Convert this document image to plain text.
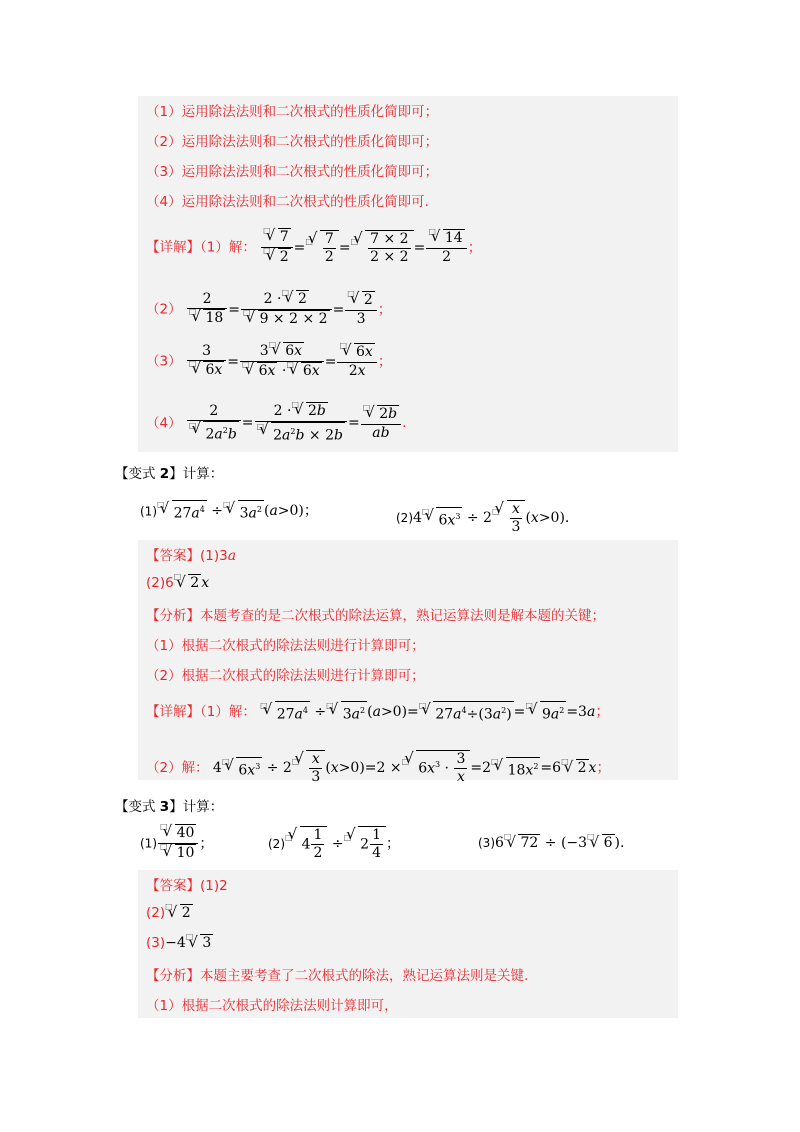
（1）运用除法法则和二次根式的性质化简即可；
（2）运用除法法则和二次根式的性质化简即可；
（3）运用除法法则和二次根式的性质化简即可；
（4）运用除法法则和二次根式的性质化简即可.
【详解】（1）解： $\frac{^□√ 7}{^□√ 2} =^□$
√ $\frac{7}{2} =^□$
√ $\frac{7 \times 2}{2 \times 2} = \frac{^□√ 14}{2}$ ；
$(2) \frac{2}{^□√ 18} = \frac{2 \cdot^□√ 2}{^□√ 9 \times 2 \times 2} = \frac{^□√ 2}{3}$ ；
$(3) \frac{3}{^□√ 6x} = \frac{3^□√ 6x}{^□√ 6x \cdot^□√ 6x} = \frac{^□√ 6x}{2x}$ ；
$(4) \frac{2}{^□√ 2a^2b} = \frac{2 \cdot^□√ 2b}{^□√ 2a^2b \times 2b} = \frac{^□√ 2b}{ab}$ .
【变式 2】计算：
(1)□√ $27a^4 \div^□√$ $3a^2$ (a>0)；	(2)4□√ $6x^3 \div 2^□$
√ $\frac{x}{3} (x>0)$.
【答案】(1)3a
(2)6□√ 2 x
【分析】本题考查的是二次根式的除法运算，熟记运算法则是解本题的关键；
（1）根据二次根式的除法法则进行计算即可；
（2）根据二次根式的除法法则进行计算即可；
【详解】（1）解： □√ $27a^4 \div^□√$ $3a^2$ (a>0)=□√ $27a^4\div(3a^2) =^□√$ $9a^2 =3a$；
（2）解： 4□√ $6x^3 \div 2^□$
√ $\frac{x}{3} (x>0)=2 \times^□√$ $6x^3 \cdot \frac{3}{x} =2^□√$ $18x^2 =6^□√$ 2 x；
【变式 3】计算：
$(1) \frac{^□√ 40}{^□√ 10}$ ；	(2)□√ $4 \frac{1}{2} \div^□√$ $2 \frac{1}{4}$ ；	(3)6□√ 72 ÷ (−3□√ 6 ).
【答案】(1)2
(2)□√ 2
(3)−4□√ 3
【分析】本题主要考查了二次根式的除法，熟记运算法则是关键.
（1）根据二次根式的除法法则计算即可，
